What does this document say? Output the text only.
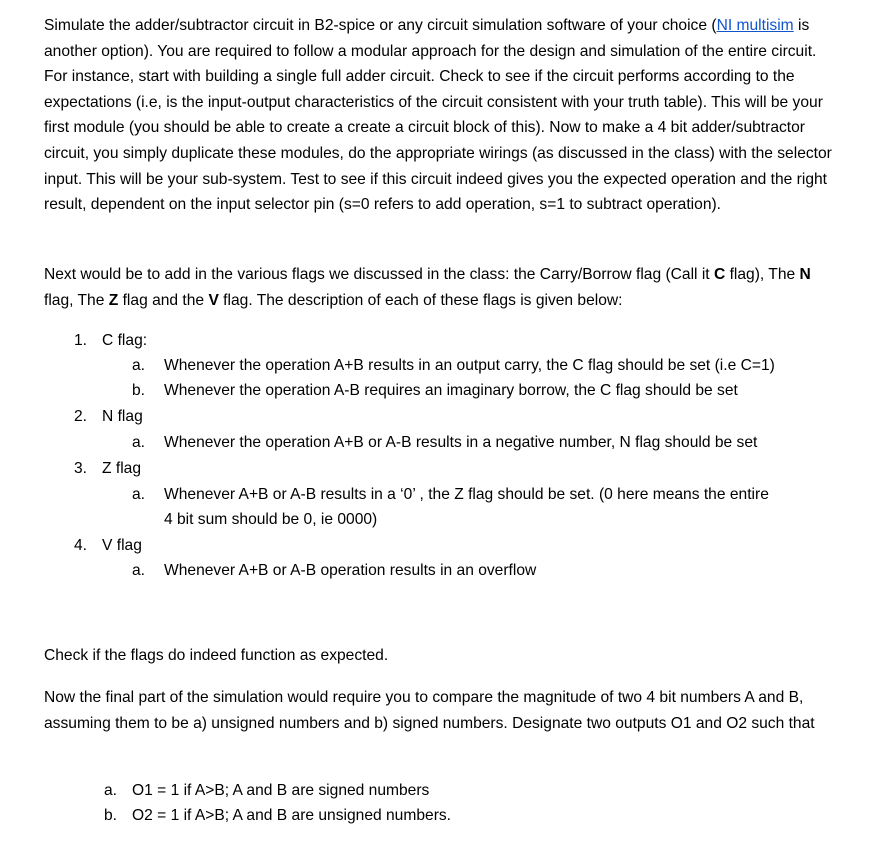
Simulate the adder/subtractor circuit in B2-spice or any circuit simulation software of your choice (NI multisim is another option). You are required to follow a modular approach for the design and simulation of the entire circuit. For instance, start with building a single full adder circuit. Check to see if the circuit performs according to the expectations (i.e, is the input-output characteristics of the circuit consistent with your truth table). This will be your first module (you should be able to create a create a circuit block of this). Now to make a 4 bit adder/subtractor circuit, you simply duplicate these modules, do the appropriate wirings (as discussed in the class) with the selector input. This will be your sub-system. Test to see if this circuit indeed gives you the expected operation and the right result, dependent on the input selector pin (s=0 refers to add operation, s=1 to subtract operation).

Next would be to add in the various flags we discussed in the class: the Carry/Borrow flag (Call it C flag), The N flag, The Z flag and the V flag. The description of each of these flags is given below:

1. C flag:
a. Whenever the operation A+B results in an output carry, the C flag should be set (i.e C=1)
b. Whenever the operation A-B requires an imaginary borrow, the C flag should be set
2. N flag
a. Whenever the operation A+B or A-B results in a negative number, N flag should be set
3. Z flag
a. Whenever A+B or A-B results in a ‘0’ , the Z flag should be set. (0 here means the entire
4 bit sum should be 0, ie 0000)
4. V flag
a. Whenever A+B or A-B operation results in an overflow

Check if the flags do indeed function as expected.

Now the final part of the simulation would require you to compare the magnitude of two 4 bit numbers A and B, assuming them to be a) unsigned numbers and b) signed numbers. Designate two outputs O1 and O2 such that

a. O1 = 1 if A>B; A and B are signed numbers
b. O2 = 1 if A>B; A and B are unsigned numbers.
